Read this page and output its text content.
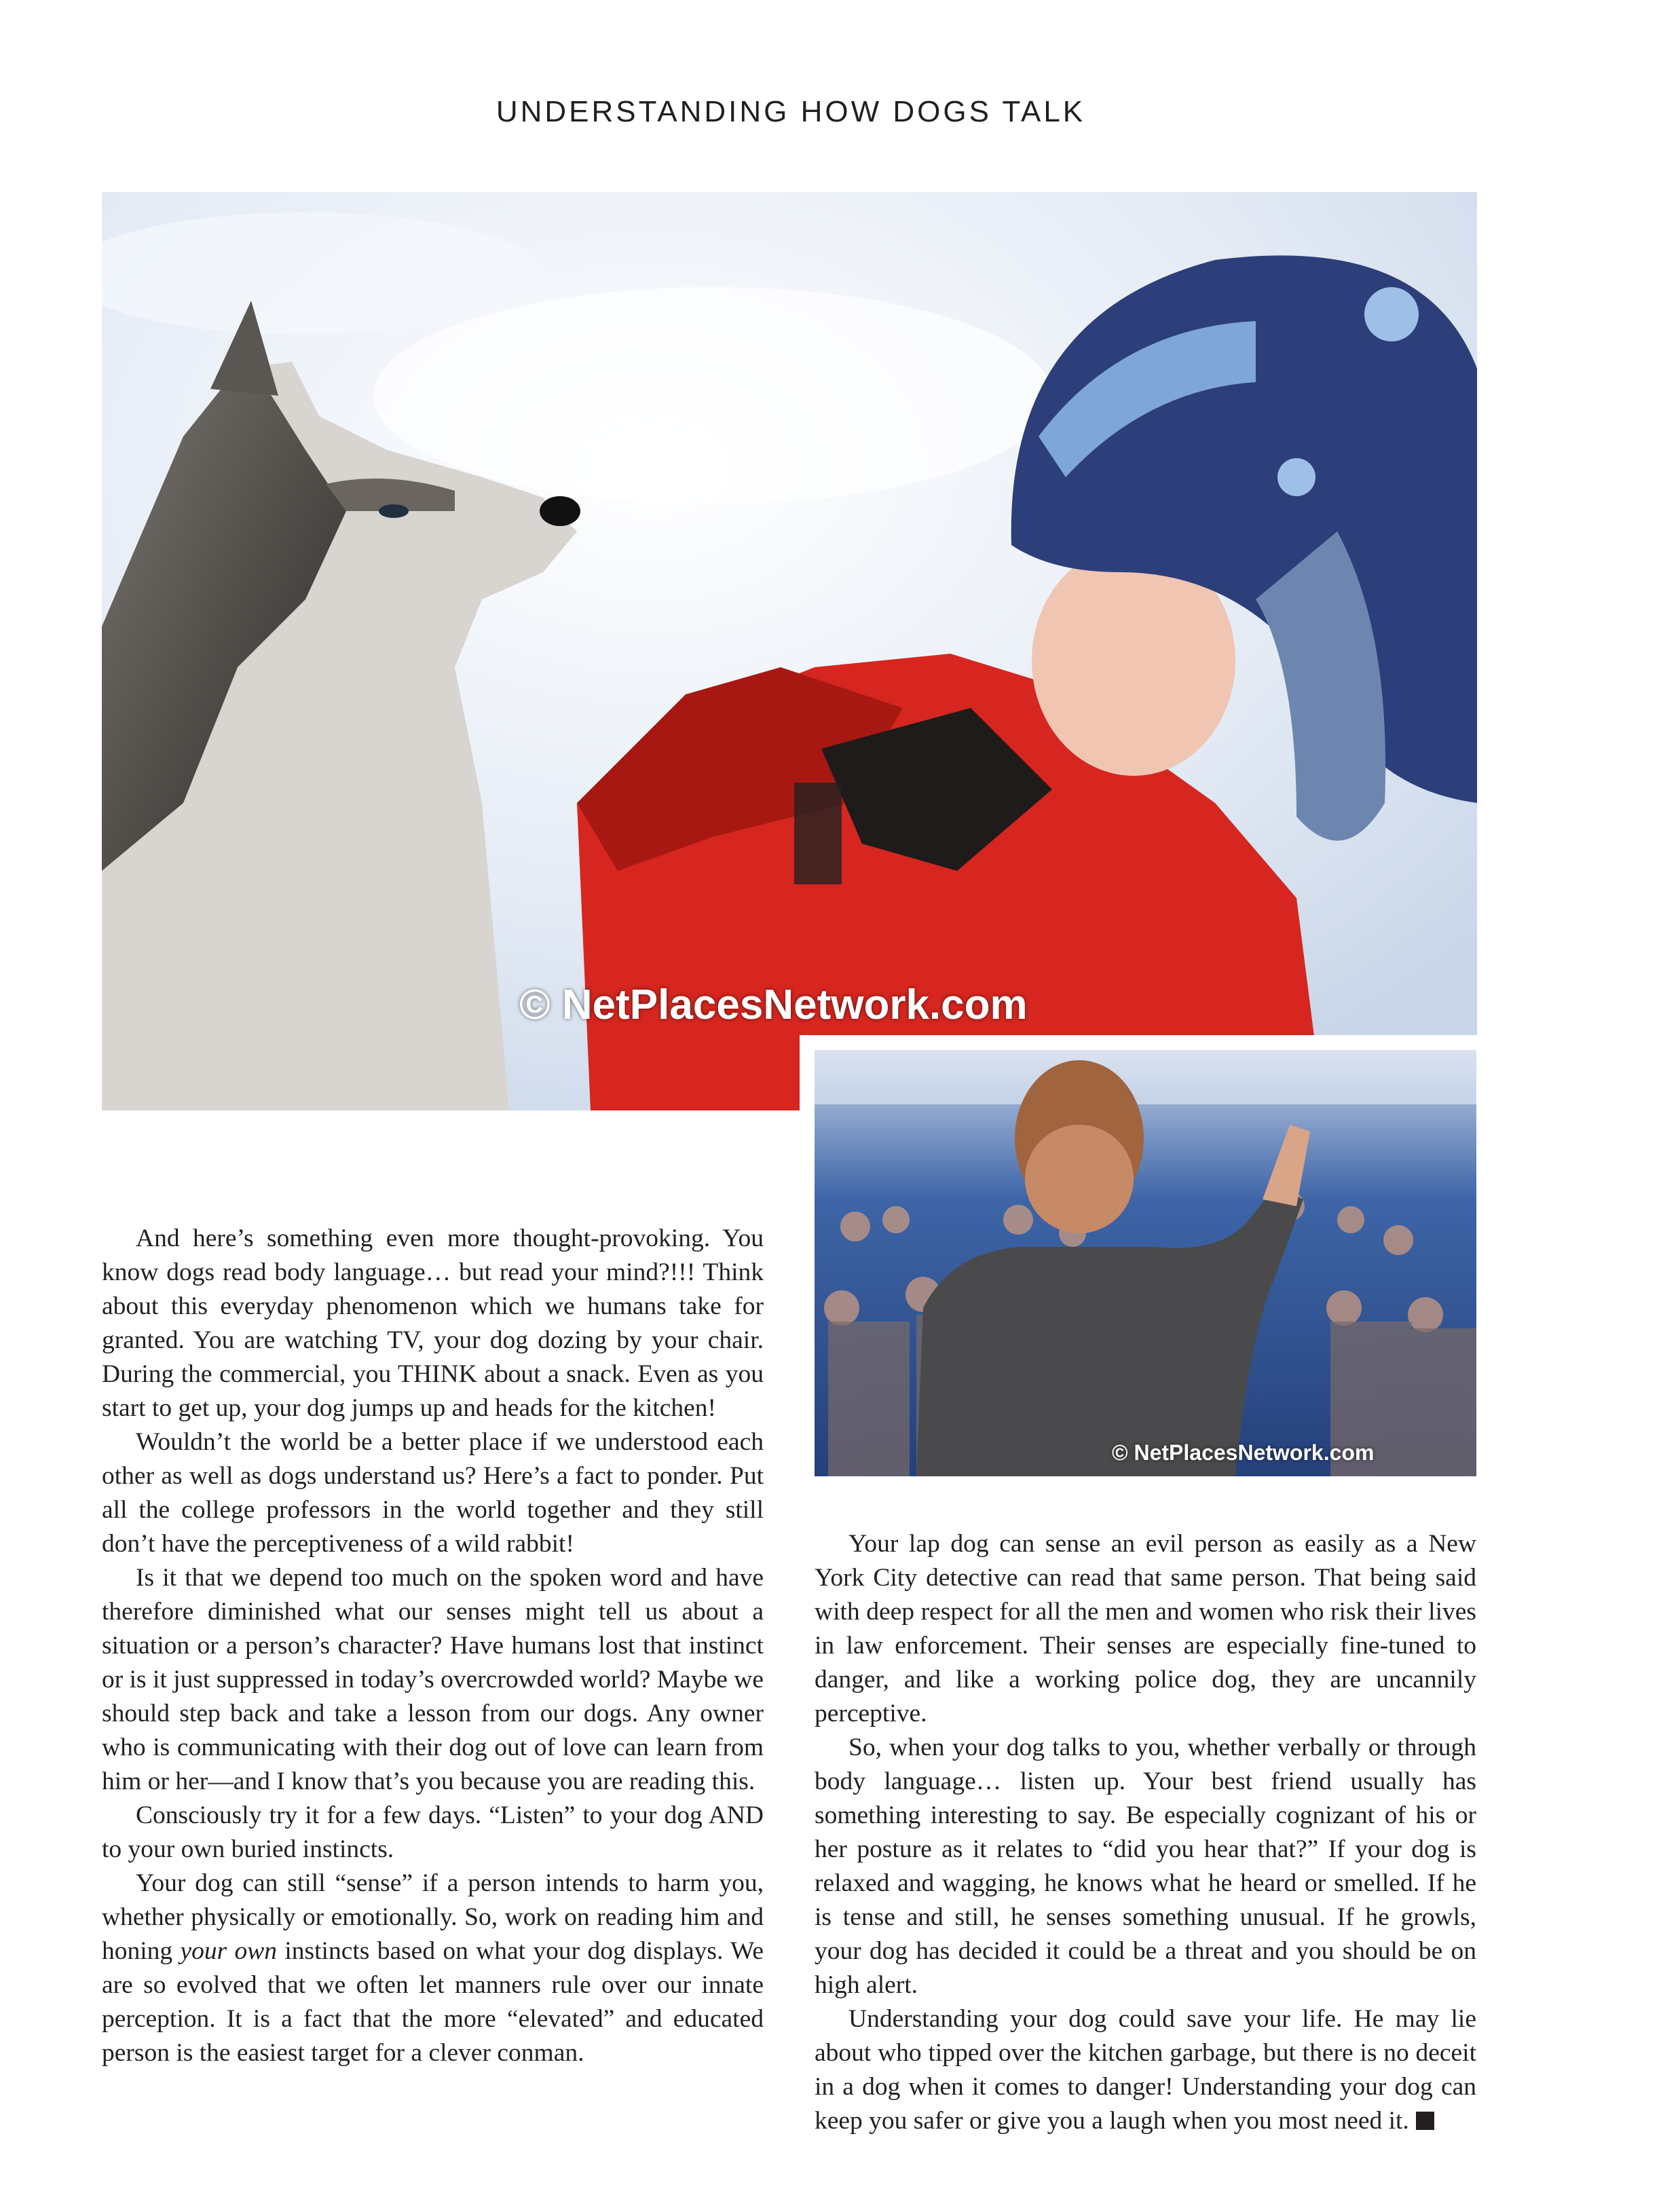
UNDERSTANDING HOW DOGS TALK
© NetPlacesNetwork.com
© NetPlacesNetwork.com

And here’s something even more thought-provoking. You know dogs read body language… but read your mind?!!! Think about this everyday phenomenon which we humans take for granted. You are watching TV, your dog dozing by your chair. During the commercial, you THINK about a snack. Even as you start to get up, your dog jumps up and heads for the kitchen!

Wouldn’t the world be a better place if we understood each other as well as dogs understand us? Here’s a fact to ponder. Put all the college professors in the world together and they still don’t have the perceptiveness of a wild rabbit!

Is it that we depend too much on the spoken word and have therefore diminished what our senses might tell us about a situation or a person’s character? Have humans lost that instinct or is it just suppressed in today’s overcrowded world? Maybe we should step back and take a lesson from our dogs. Any owner who is communicating with their dog out of love can learn from him or her—and I know that’s you because you are reading this.

Consciously try it for a few days. “Listen” to your dog AND to your own buried instincts.

Your dog can still “sense” if a person intends to harm you, whether physically or emotionally. So, work on reading him and honing your own instincts based on what your dog displays. We are so evolved that we often let manners rule over our innate perception. It is a fact that the more “elevated” and educated person is the easiest target for a clever conman.

Your lap dog can sense an evil person as easily as a New York City detective can read that same person. That being said with deep respect for all the men and women who risk their lives in law enforcement. Their senses are especially fine-tuned to danger, and like a working police dog, they are uncannily perceptive.

So, when your dog talks to you, whether verbally or through body language… listen up. Your best friend usually has something interesting to say. Be especially cognizant of his or her posture as it relates to “did you hear that?” If your dog is relaxed and wagging, he knows what he heard or smelled. If he is tense and still, he senses something unusual. If he growls, your dog has decided it could be a threat and you should be on high alert.

Understanding your dog could save your life. He may lie about who tipped over the kitchen garbage, but there is no deceit in a dog when it comes to danger! Understanding your dog can keep you safer or give you a laugh when you most need it.
